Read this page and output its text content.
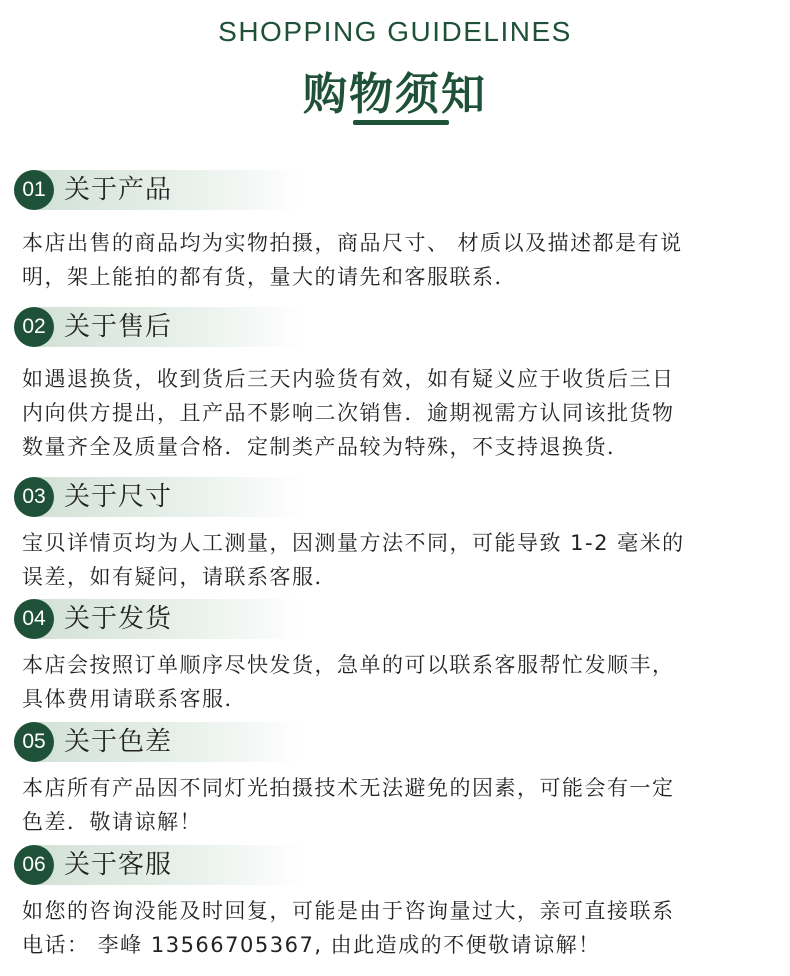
SHOPPING GUIDELINES
购物须知
01 关于产品

本店出售的商品均为实物拍摄，商品尺寸、 材质以及描述都是有说

明，架上能拍的都有货，量大的请先和客服联系．

02 关于售后

如遇退换货，收到货后三天内验货有效，如有疑义应于收货后三日

内向供方提出，且产品不影响二次销售．逾期视需方认同该批货物

数量齐全及质量合格．定制类产品较为特殊，不支持退换货．

03 关于尺寸

宝贝详情页均为人工测量，因测量方法不同，可能导致 1-2 毫米的

误差，如有疑问，请联系客服．

04 关于发货

本店会按照订单顺序尽快发货，急单的可以联系客服帮忙发顺丰，

具体费用请联系客服．

05 关于色差

本店所有产品因不同灯光拍摄技术无法避免的因素，可能会有一定

色差．敬请谅解！

06 关于客服

如您的咨询没能及时回复，可能是由于咨询量过大，亲可直接联系

电话： 李峰 13566705367, 由此造成的不便敬请谅解！
